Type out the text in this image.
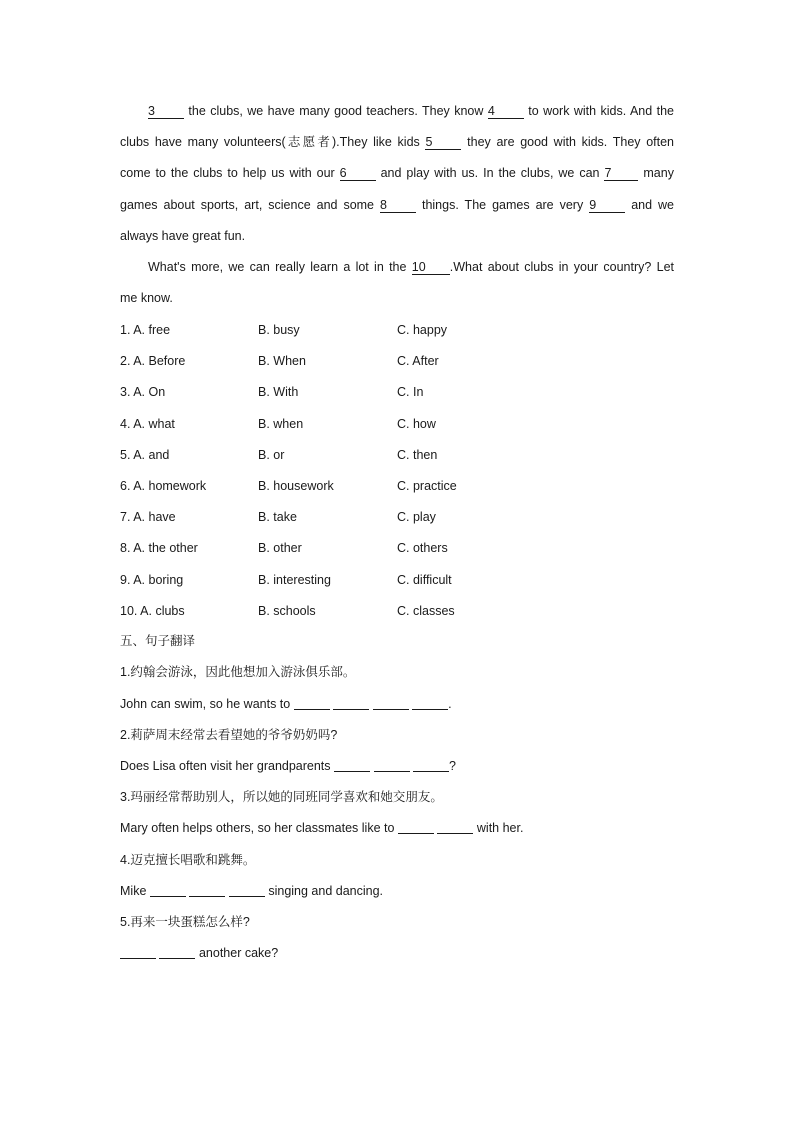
3	the clubs, we have many good teachers. They know 4	to work with kids. And the
clubs have many volunteers(志愿者).They like kids 5	they are good with kids. They often
come to the clubs to help us with our 6	and play with us. In the clubs, we can 7	many
games about sports, art, science and some 8	things. The games are very 9	and we
always have great fun.
What's more, we can really learn a lot in the 10 .What about clubs in your country? Let
me know.
1. A. free	B. busy	C. happy
2. A. Before	B. When	C. After
3. A. On	B. With	C. In
4. A. what	B. when	C. how
5. A. and	B. or	C. then
6. A. homework	B. housework	C. practice
7. A. have	B. take	C. play
8. A. the other	B. other	C. others
9. A. boring	B. interesting	C. difficult
10. A. clubs	B. schools	C. classes
五、句子翻译
1.约翰会游泳，因此他想加入游泳俱乐部。
John can swim, so he wants to	.
2.莉萨周末经常去看望她的爷爷奶奶吗?
Does Lisa often visit her grandparents	?
3.玛丽经常帮助别人，所以她的同班同学喜欢和她交朋友。
Mary often helps others, so her classmates like to	with her.
4.迈克擅长唱歌和跳舞。
Mike	singing and dancing.
5.再来一块蛋糕怎么样?
another cake?
